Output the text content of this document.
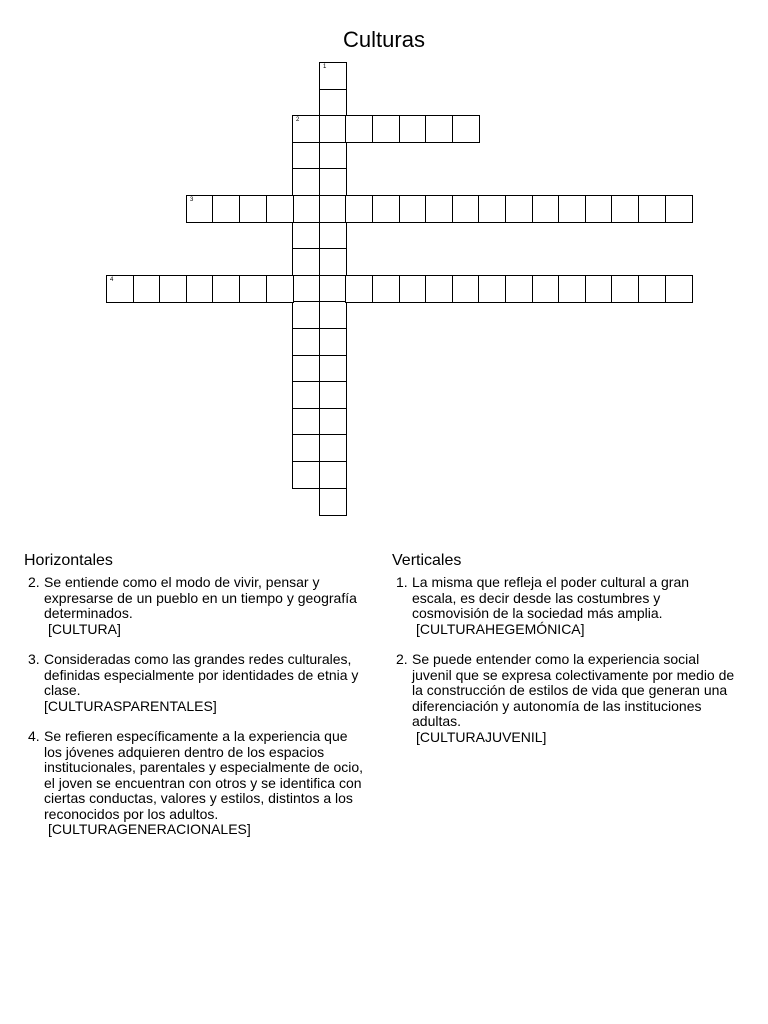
Culturas
1
2
3
4
Horizontales
2. Se entiende como el modo de vivir, pensar y expresarse de un pueblo en un tiempo y geografía determinados.
[CULTURA]
3. Consideradas como las grandes redes culturales, definidas especialmente por identidades de etnia y clase.
[CULTURASPARENTALES]
4. Se refieren específicamente a la experiencia que los jóvenes adquieren dentro de los espacios institucionales, parentales y especialmente de ocio, el joven se encuentran con otros y se identifica con ciertas conductas, valores y estilos, distintos a los reconocidos por los adultos.
[CULTURAGENERACIONALES]
Verticales
1. La misma que refleja el poder cultural a gran escala, es decir desde las costumbres y cosmovisión de la sociedad más amplia.
[CULTURAHEGEMÓNICA]
2. Se puede entender como la experiencia social juvenil que se expresa colectivamente por medio de la construcción de estilos de vida que generan una diferenciación y autonomía de las instituciones adultas.
[CULTURAJUVENIL]
